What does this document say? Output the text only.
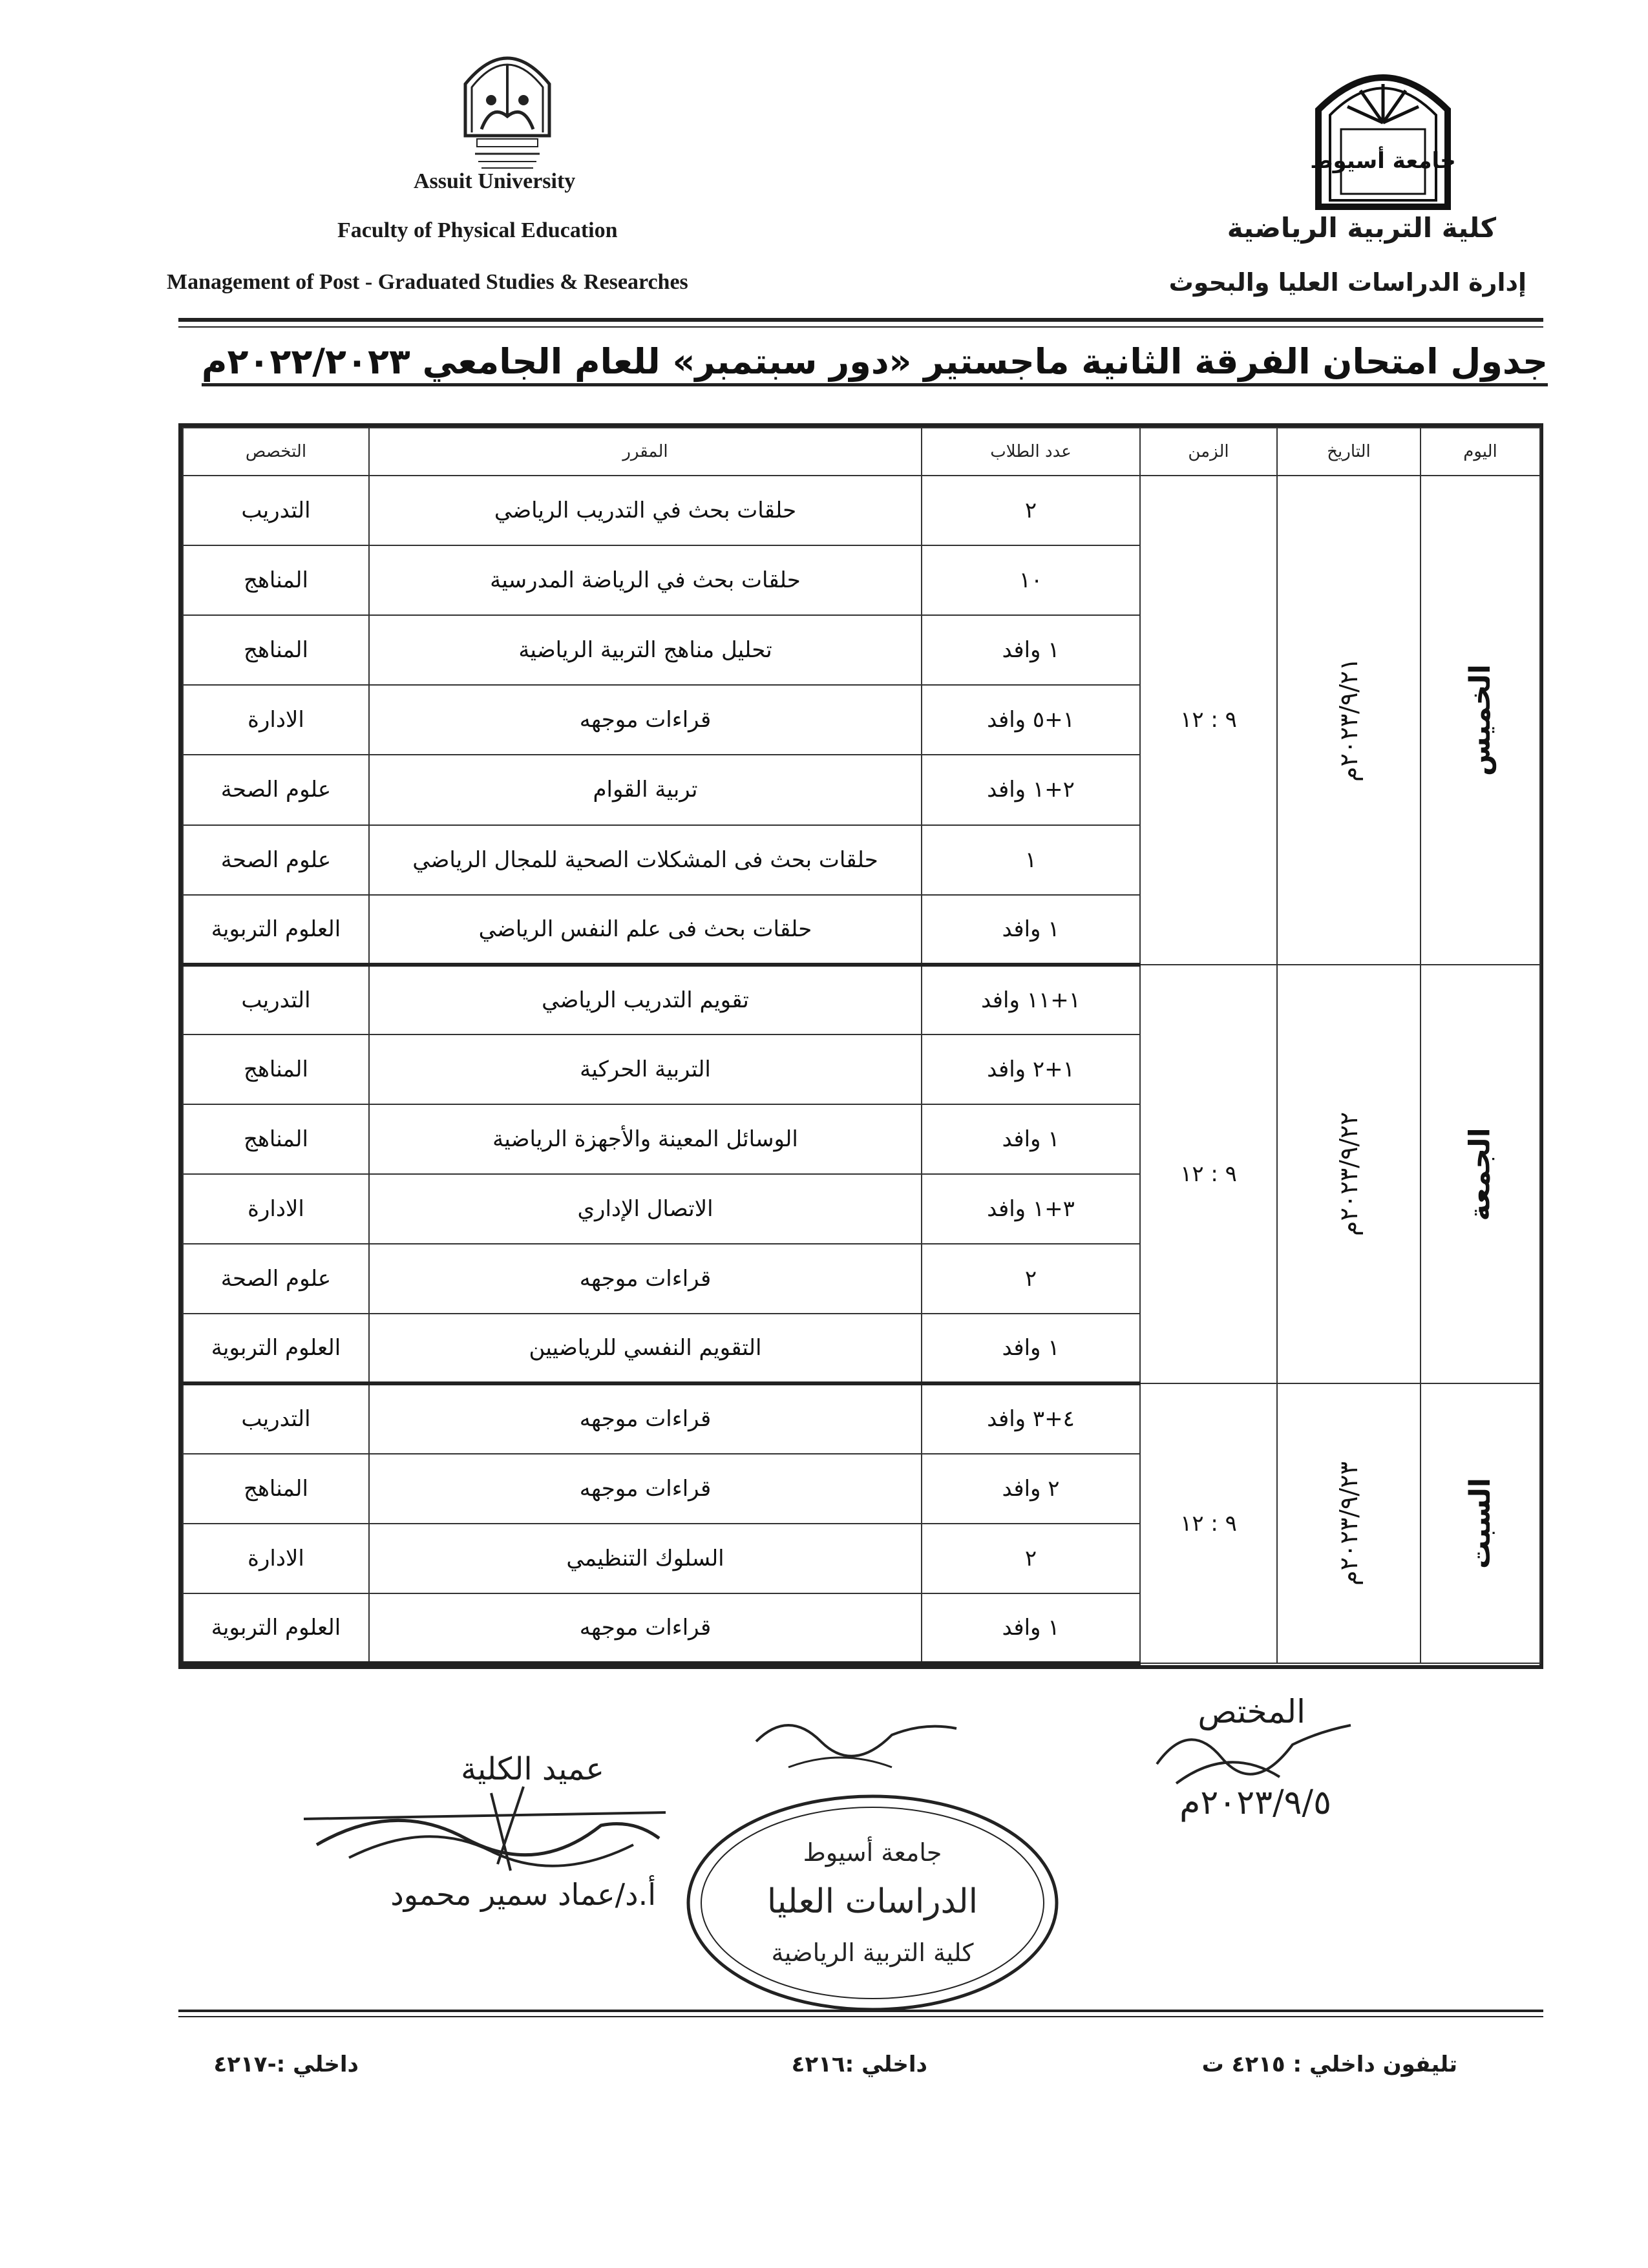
جامعة أسيوط
Assuit University
Faculty of Physical Education
Management of Post - Graduated Studies & Researches
كلية التربية الرياضية
إدارة الدراسات العليا والبحوث
جدول امتحان الفرقة الثانية ماجستير «دور سبتمبر» للعام الجامعي ٢٠٢٢/٢٠٢٣م
اليوم	التاريخ	الزمن	عدد الطلاب	المقرر	التخصص
الخميس	٢٠٢٣/٩/٢١م	٩ : ١٢	٢	حلقات بحث في التدريب الرياضي	التدريب
			١٠	حلقات بحث في الرياضة المدرسية	المناهج
			١ وافد	تحليل مناهج التربية الرياضية	المناهج
			١+٥ وافد	قراءات موجهه	الادارة
			٢+١ وافد	تربية القوام	علوم الصحة
			١	حلقات بحث فى المشكلات الصحية للمجال الرياضي	علوم الصحة
			١ وافد	حلقات بحث فى علم النفس الرياضي	العلوم التربوية
الجمعة	٢٠٢٣/٩/٢٢م	٩ : ١٢	١+١١ وافد	تقويم التدريب الرياضي	التدريب
			١+٢ وافد	التربية الحركية	المناهج
			١ وافد	الوسائل المعينة والأجهزة الرياضية	المناهج
			٣+١ وافد	الاتصال الإداري	الادارة
			٢	قراءات موجهه	علوم الصحة
			١ وافد	التقويم النفسي للرياضيين	العلوم التربوية
السبت	٢٠٢٣/٩/٢٣م	٩ : ١٢	٤+٣ وافد	قراءات موجهه	التدريب
			٢ وافد	قراءات موجهه	المناهج
			٢	السلوك التنظيمي	الادارة
			١ وافد	قراءات موجهه	العلوم التربوية
المختص
٢٠٢٣/٩/٥م
عميد الكلية
أ.د/عماد سمير محمود
جامعة أسيوط
الدراسات العليا
كلية التربية الرياضية
تليفون داخلي : ٤٢١٥ ت
داخلي :٤٢١٦
داخلي :-٤٢١٧
